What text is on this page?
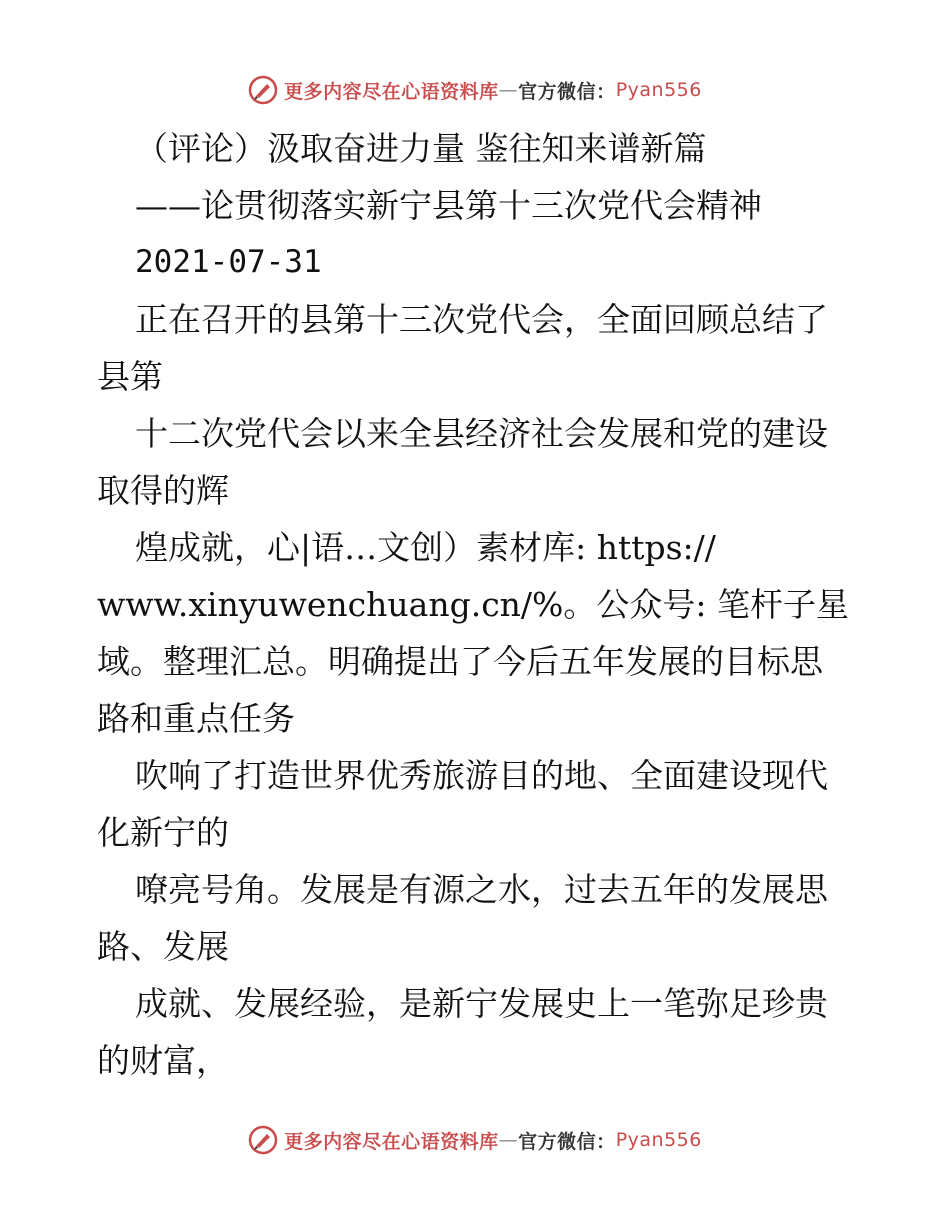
更多内容尽在心语资料库 — 官方微信： Pyan556
（评论）汲取奋进力量 鉴往知来谱新篇
——论贯彻落实新宁县第十三次党代会精神
2021-07-31
正在召开的县第十三次党代会，全面回顾总结了
县第
十二次党代会以来全县经济社会发展和党的建设
取得的辉
煌成就，心|语…文创）素材库: https://
www.xinyuwenchuang.cn/%。公众号: 笔杆子星
域。整理汇总。明确提出了今后五年发展的目标思
路和重点任务
吹响了打造世界优秀旅游目的地、全面建设现代
化新宁的
嘹亮号角。发展是有源之水，过去五年的发展思
路、发展
成就、发展经验，是新宁发展史上一笔弥足珍贵
的财富，
更多内容尽在心语资料库 — 官方微信： Pyan556
